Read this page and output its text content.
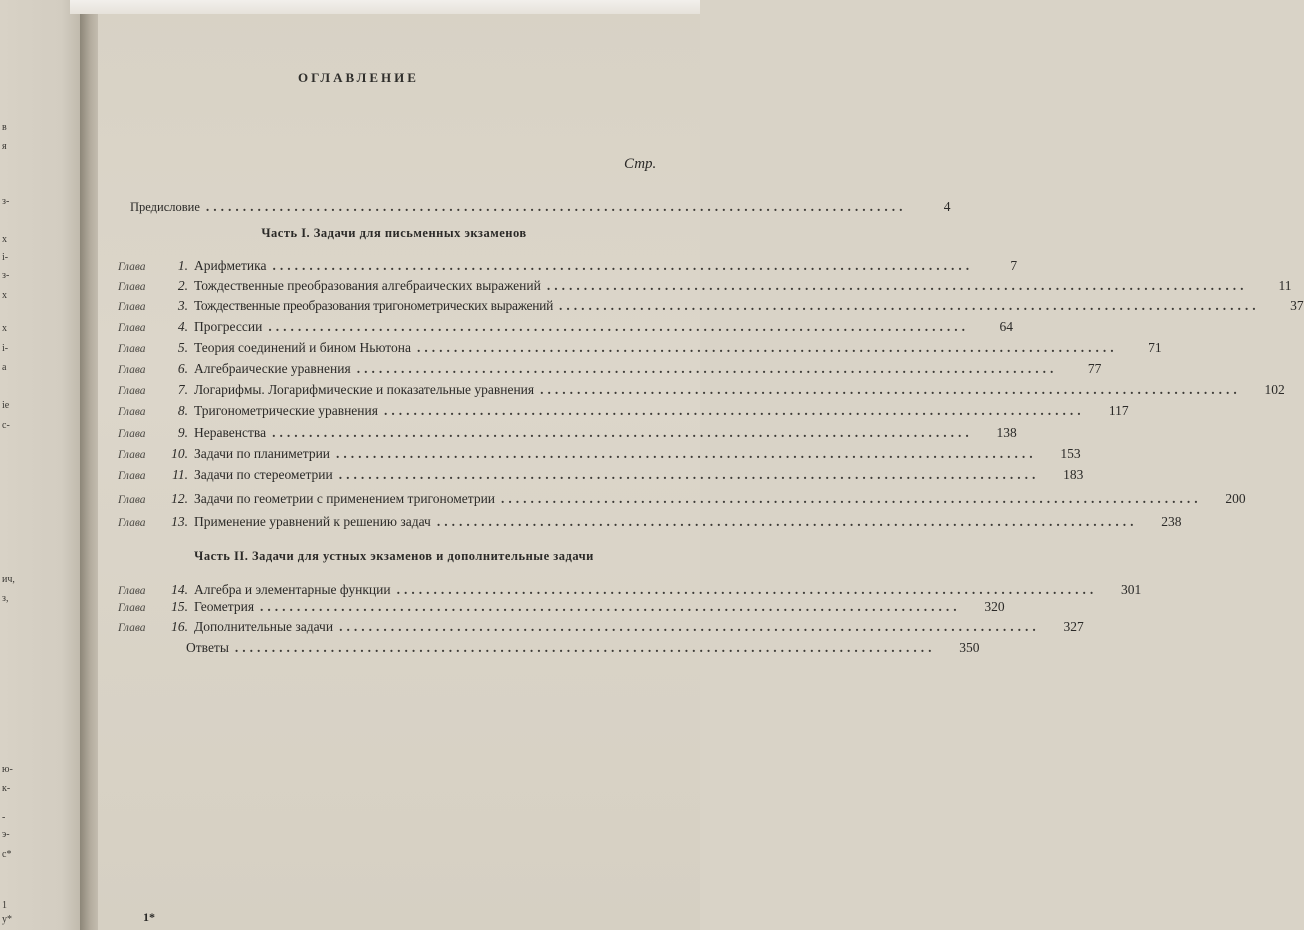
в
я
з-
х
і-
з-
х
х
і-
а
іе
с-
ич,
з,
ю-
к-
-
э-
с*
1
у*
ОГЛАВЛЕНИЕ
Стр.
Предисловие ...............................................................................................	4
Часть I. Задачи для письменных экзаменов
Глава	1. Арифметика ...............................................................................................	7
Глава	2. Тождественные преобразования алгебраических выражений ...............................................................................................	11
Глава	3. Тождественные преобразования тригонометрических выражений ...............................................................................................	37
Глава	4. Прогрессии ...............................................................................................	64
Глава	5. Теория соединений и бином Ньютона ...............................................................................................	71
Глава	6. Алгебраические уравнения ...............................................................................................	77
Глава	7. Логарифмы. Логарифмические и показательные уравнения ...............................................................................................	102
Глава	8. Тригонометрические уравнения ...............................................................................................	117
Глава	9. Неравенства ...............................................................................................	138
Глава	10. Задачи по планиметрии ...............................................................................................	153
Глава	11. Задачи по стереометрии ...............................................................................................	183
Глава	12. Задачи по геометрии с применением тригонометрии ...............................................................................................	200
Глава	13. Применение уравнений к решению задач ...............................................................................................	238
Часть II. Задачи для устных экзаменов и дополнительные задачи
Глава	14. Алгебра и элементарные функции ...............................................................................................	301
Глава	15. Геометрия ...............................................................................................	320
Глава	16. Дополнительные задачи ...............................................................................................	327
Ответы ...............................................................................................	350
1*
